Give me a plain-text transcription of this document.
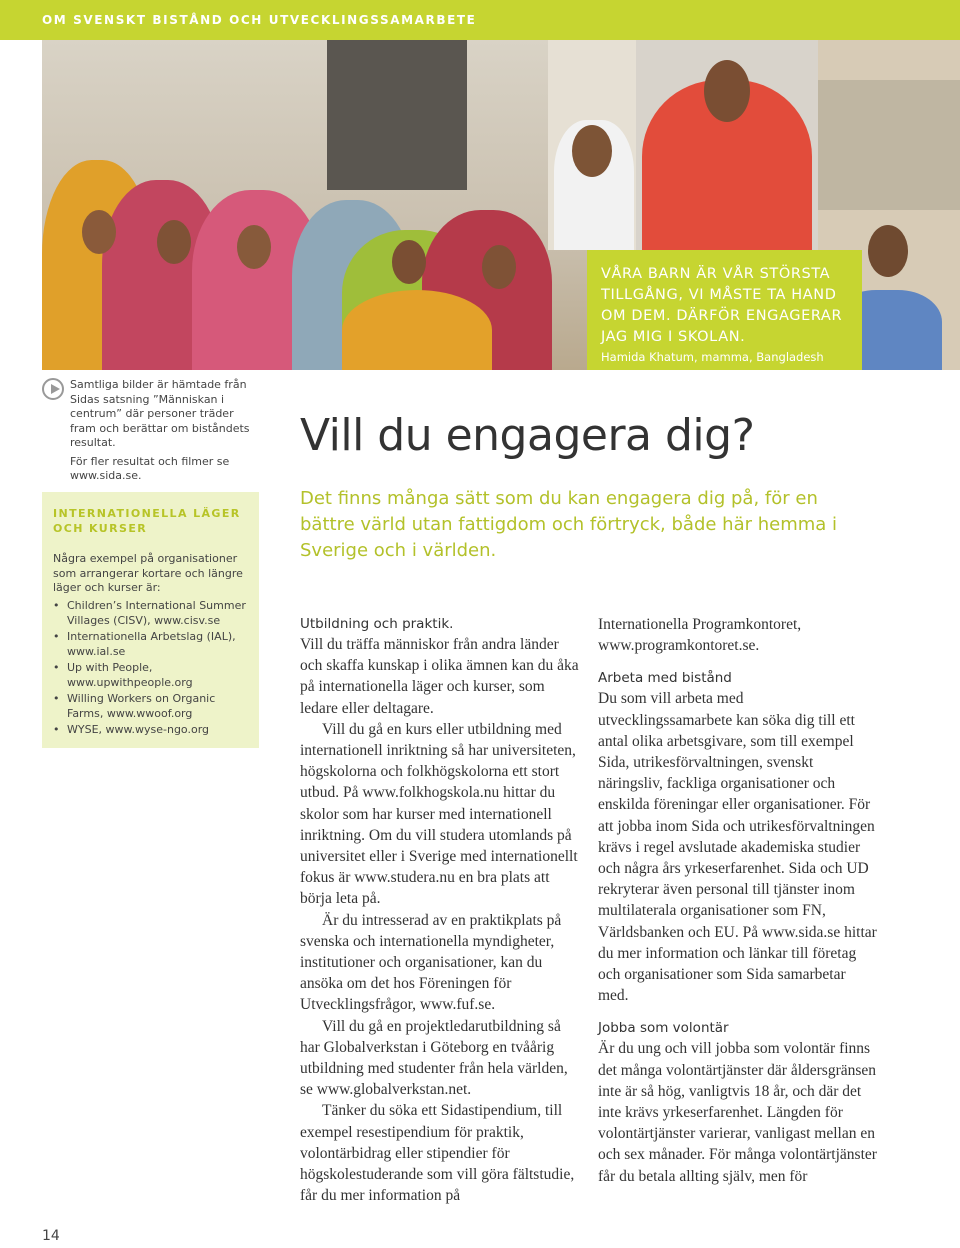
OM SVENSKT BISTÅND OCH UTVECKLINGSSAMARBETE
VÅRA BARN ÄR VÅR STÖRSTA TILLGÅNG, VI MÅSTE TA HAND OM DEM. DÄRFÖR ENGAGERAR JAG MIG I SKOLAN.
Hamida Khatum, mamma, Bangladesh
Samtliga bilder är hämtade från Sidas satsning ”Människan i centrum” där personer träder fram och berättar om biståndets resultat.
För fler resultat och filmer se www.sida.se.
INTERNATIONELLA LÄGER OCH KURSER
Några exempel på organisationer som arrangerar kortare och längre läger och kurser är:
• Children’s International Summer Villages (CISV), www.cisv.se
• Internationella Arbetslag (IAL), www.ial.se
• Up with People, www.upwithpeople.org
• Willing Workers on Organic Farms, www.wwoof.org
• WYSE, www.wyse-ngo.org
14
Vill du engagera dig?
Det finns många sätt som du kan engagera dig på, för en bättre värld utan fattigdom och förtryck, både här hemma i Sverige och i världen.
Utbildning och praktik.

Vill du träffa människor från andra länder och skaffa kunskap i olika ämnen kan du åka på internationella läger och kurser, som ledare eller deltagare.

Vill du gå en kurs eller utbildning med internationell inriktning så har universiteten, högskolorna och folkhögskolorna ett stort utbud. På www.folkhogskola.nu hittar du skolor som har kurser med internationell inriktning. Om du vill studera utomlands på universitet eller i Sverige med internationellt fokus är www.studera.nu en bra plats att börja leta på.

Är du intresserad av en praktikplats på svenska och internationella myndigheter, institutioner och organisationer, kan du ansöka om det hos Föreningen för Utvecklingsfrågor, www.fuf.se.

Vill du gå en projektledarutbildning så har Globalverkstan i Göteborg en tvåårig utbildning med studenter från hela världen, se www.globalverkstan.net.

Tänker du söka ett Sidastipendium, till exempel resestipendium för praktik, volontärbidrag eller stipendier för högskolestuderande som vill göra fältstudie, får du mer information på

Internationella Programkontoret, www.programkontoret.se.

Arbeta med bistånd

Du som vill arbeta med utvecklingssamarbete kan söka dig till ett antal olika arbetsgivare, som till exempel Sida, utrikesförvaltningen, svenskt näringsliv, fackliga organisationer och enskilda föreningar eller organisationer. För att jobba inom Sida och utrikesförvaltningen krävs i regel avslutade akademiska studier och några års yrkeserfarenhet. Sida och UD rekryterar även personal till tjänster inom multilaterala organisationer som FN, Världsbanken och EU. På www.sida.se hittar du mer information och länkar till företag och organisationer som Sida samarbetar med.

Jobba som volontär

Är du ung och vill jobba som volontär finns det många volontärtjänster där åldersgränsen inte är så hög, vanligtvis 18 år, och där det inte krävs yrkeserfarenhet. Längden för volontärtjänster varierar, vanligast mellan en och sex månader. För många volontärtjänster får du betala allting själv, men för
